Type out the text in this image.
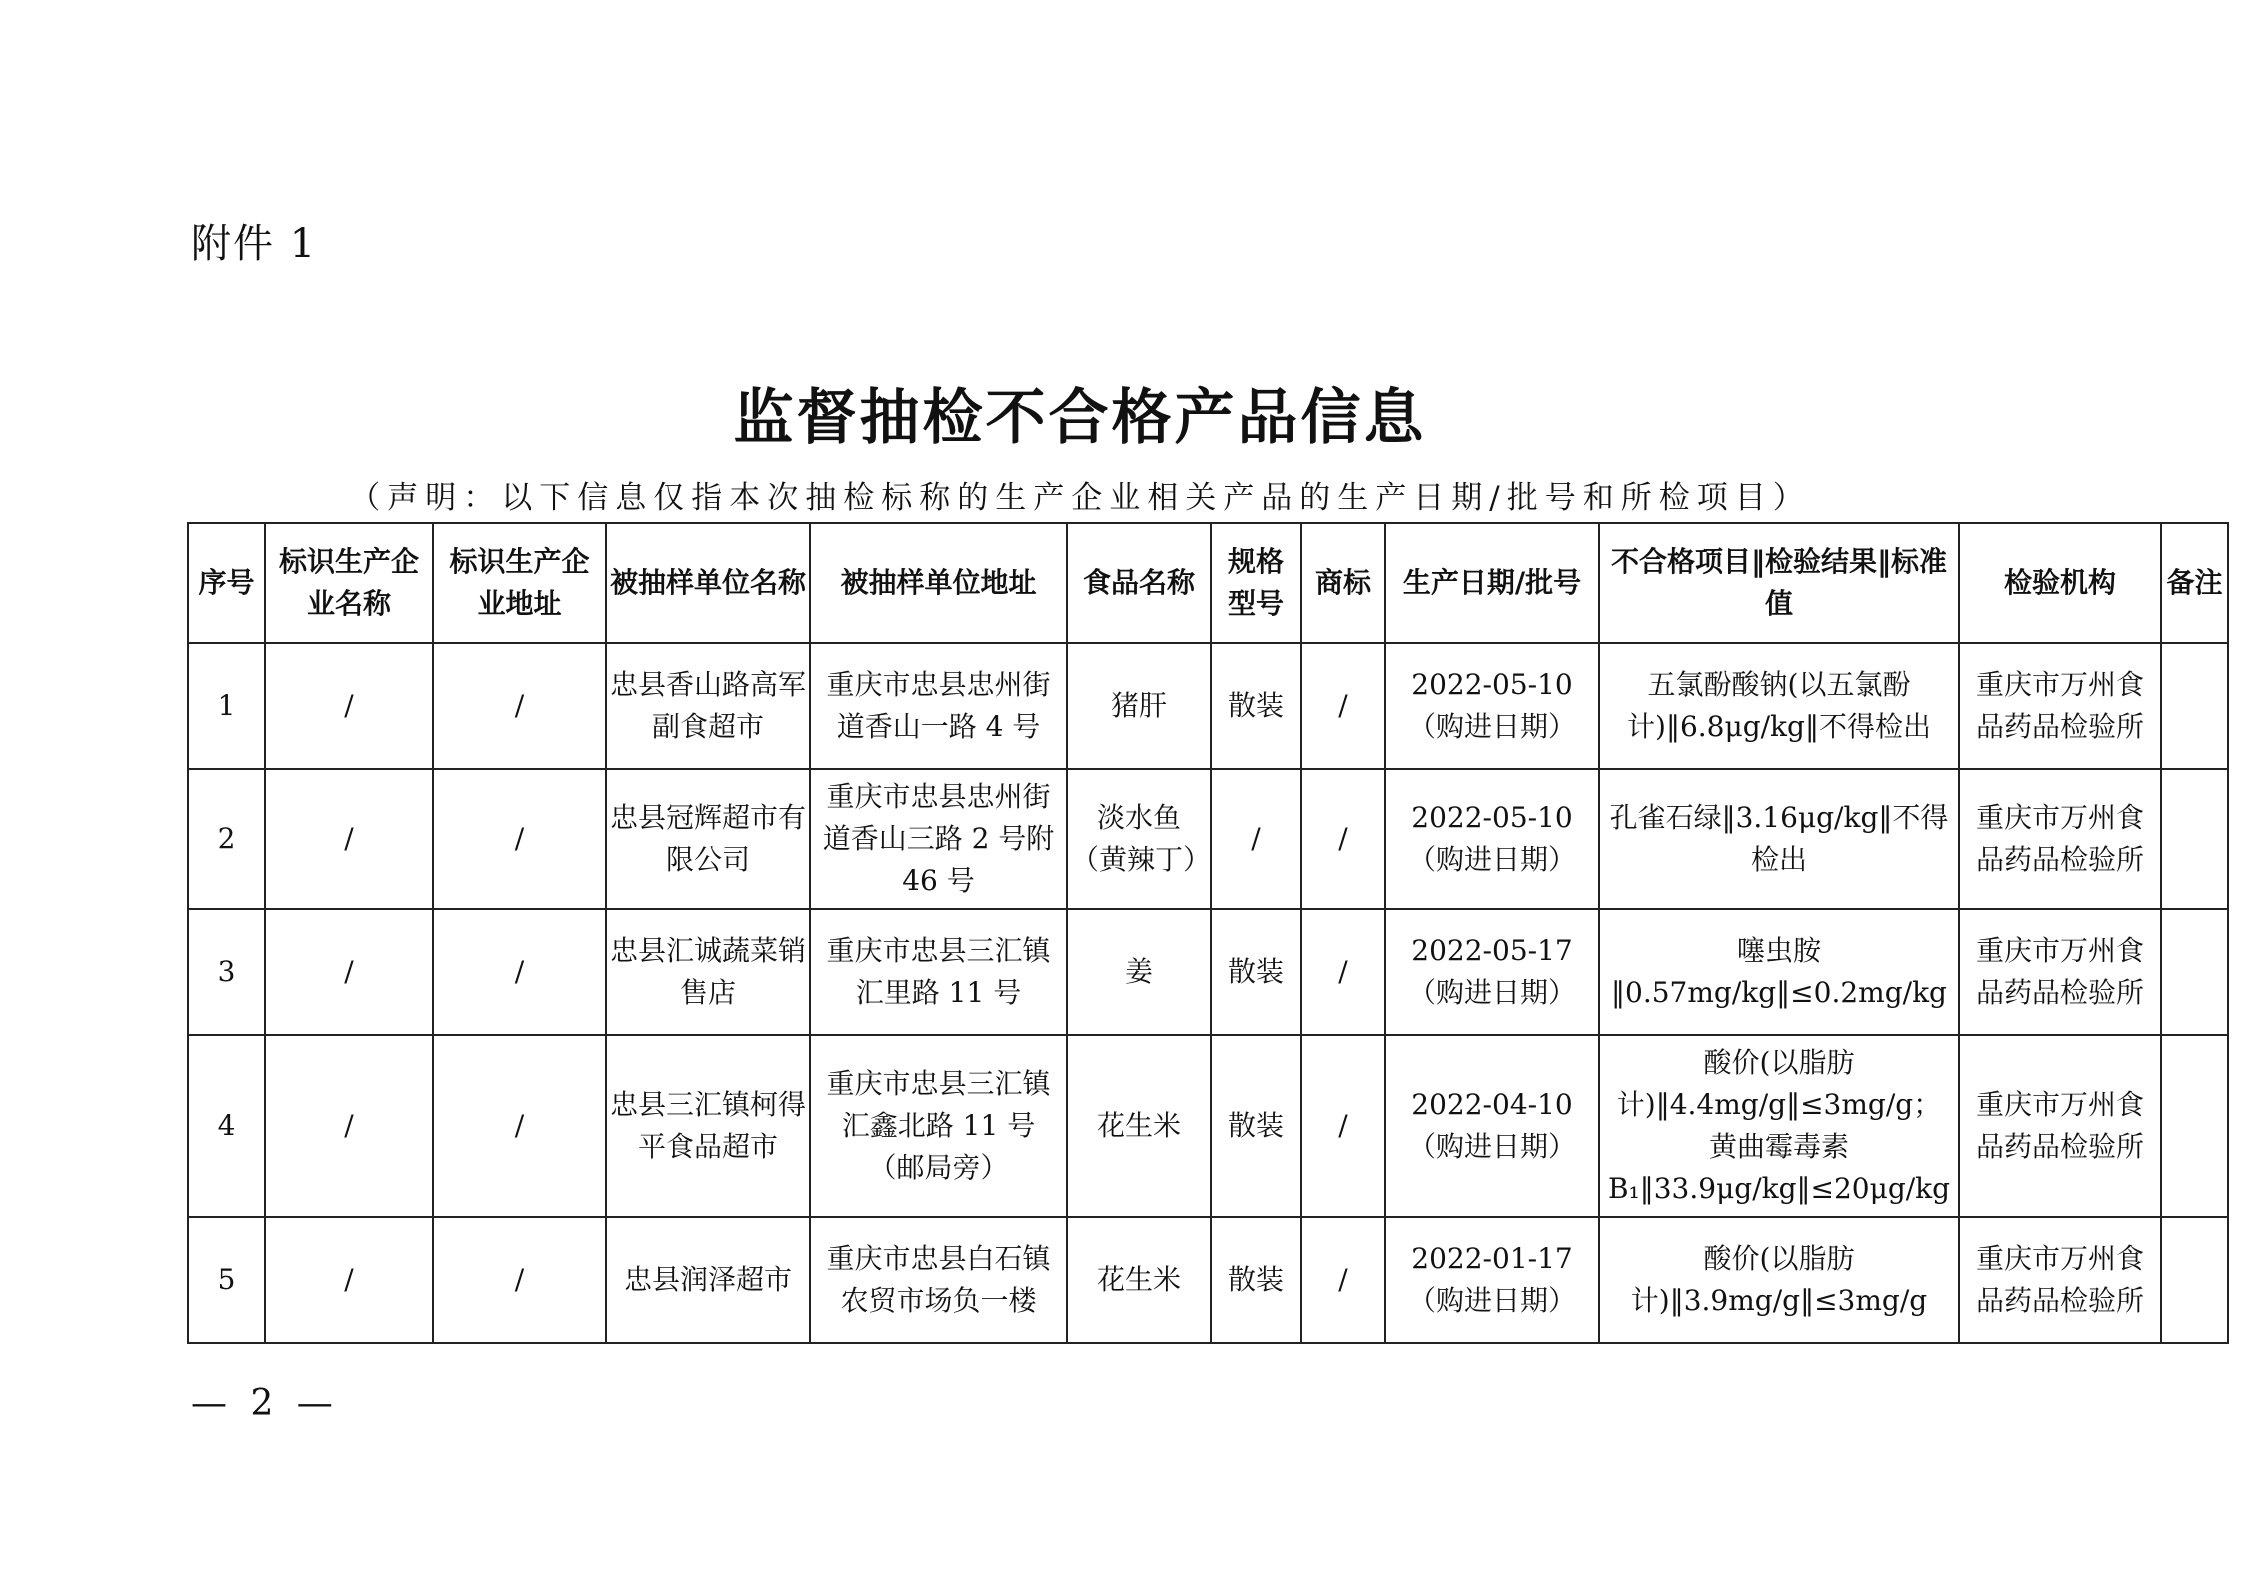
附件 1
监督抽检不合格产品信息
（声明：以下信息仅指本次抽检标称的生产企业相关产品的生产日期/批号和所检项目）
序号	标识生产企业名称	标识生产企业地址	被抽样单位名称	被抽样单位地址	食品名称	规格型号	商标	生产日期/批号	不合格项目‖检验结果‖标准值	检验机构	备注
1	/	/	忠县香山路高军副食超市	重庆市忠县忠州街道香山一路 4 号	猪肝	散装	/	2022-05-10（购进日期）	五氯酚酸钠(以五氯酚计)‖6.8μg/kg‖不得检出	重庆市万州食品药品检验所	
2	/	/	忠县冠辉超市有限公司	重庆市忠县忠州街道香山三路 2 号附 46 号	淡水鱼（黄辣丁）	/	/	2022-05-10（购进日期）	孔雀石绿‖3.16μg/kg‖不得检出	重庆市万州食品药品检验所	
3	/	/	忠县汇诚蔬菜销售店	重庆市忠县三汇镇汇里路 11 号	姜	散装	/	2022-05-17（购进日期）	噻虫胺‖0.57mg/kg‖≤0.2mg/kg	重庆市万州食品药品检验所	
4	/	/	忠县三汇镇柯得平食品超市	重庆市忠县三汇镇汇鑫北路 11 号（邮局旁）	花生米	散装	/	2022-04-10（购进日期）	酸价(以脂肪计)‖4.4mg/g‖≤3mg/g；黄曲霉毒素 B₁‖33.9μg/kg‖≤20μg/kg	重庆市万州食品药品检验所	
5	/	/	忠县润泽超市	重庆市忠县白石镇农贸市场负一楼	花生米	散装	/	2022-01-17（购进日期）	酸价(以脂肪计)‖3.9mg/g‖≤3mg/g	重庆市万州食品药品检验所	
— 2 —
